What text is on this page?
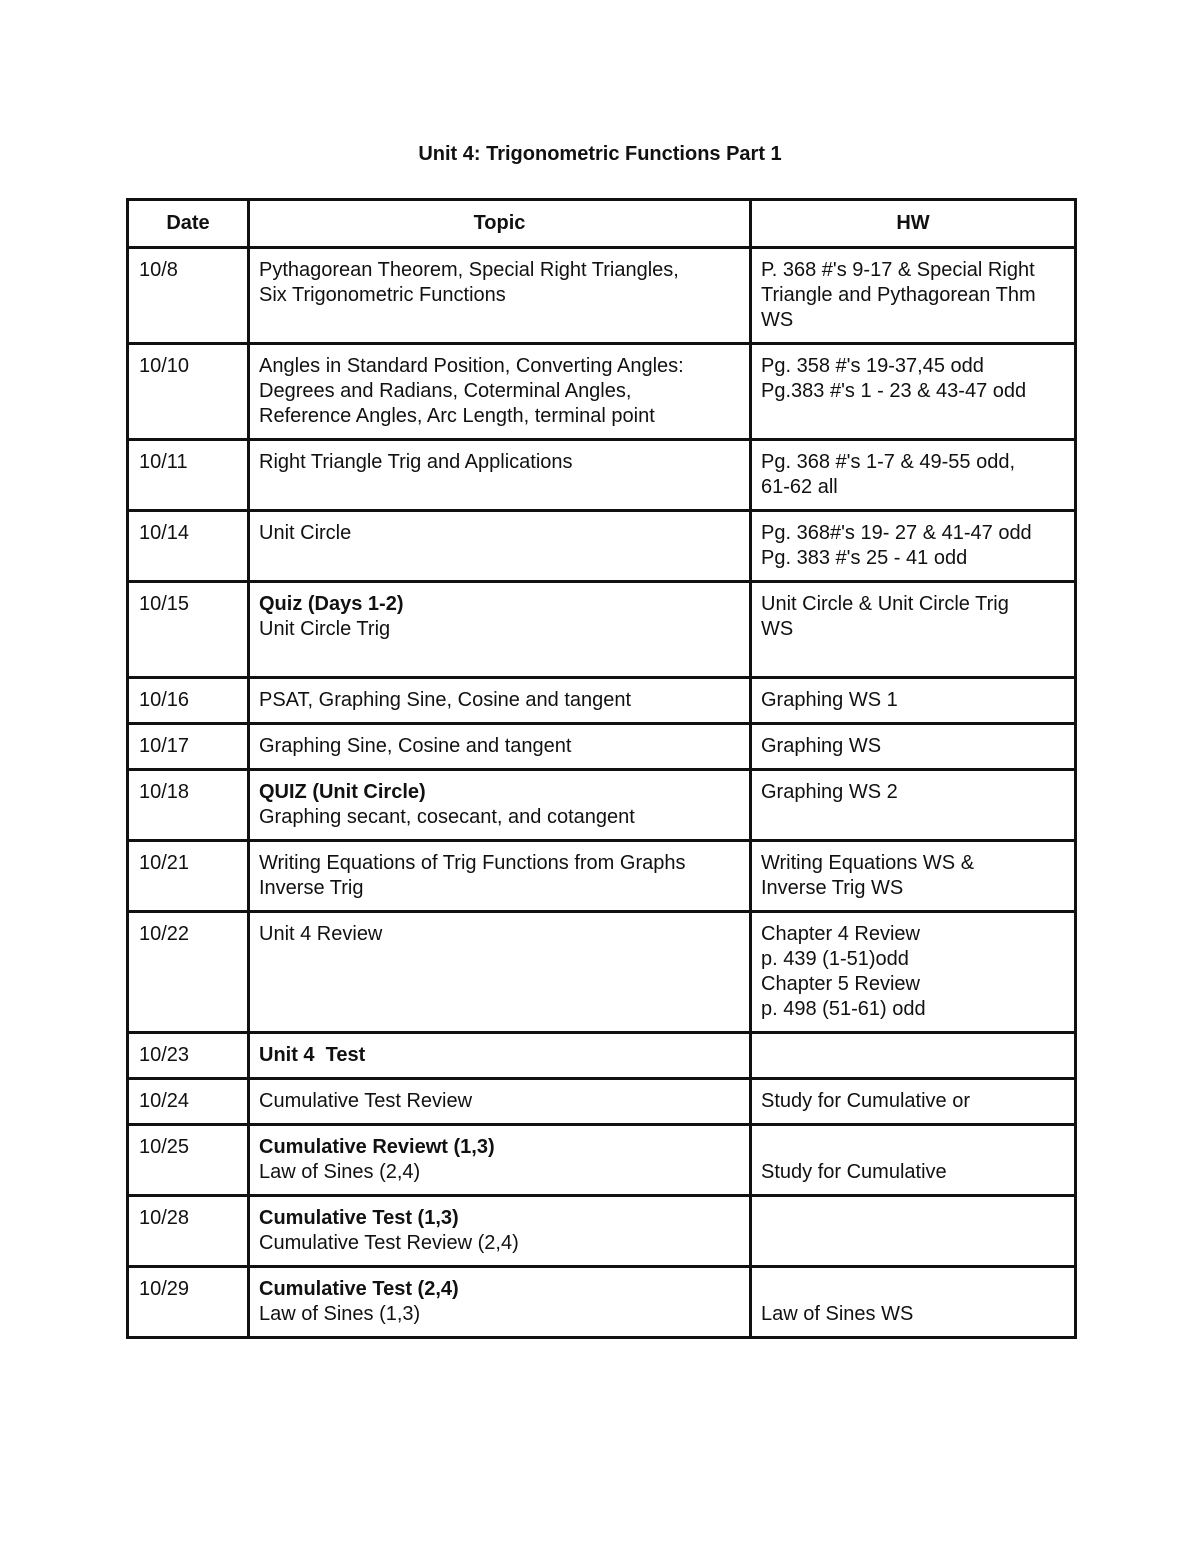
Unit 4: Trigonometric Functions Part 1
Date	Topic	HW
10/8	Pythagorean Theorem, Special Right Triangles,
Six Trigonometric Functions	P. 368 #'s 9-17 & Special Right
Triangle and Pythagorean Thm
WS

10/10	Angles in Standard Position, Converting Angles:
Degrees and Radians, Coterminal Angles,
Reference Angles, Arc Length, terminal point	Pg. 358 #'s 19-37,45 odd
Pg.383 #'s 1 - 23 & 43-47 odd

10/11	Right Triangle Trig and Applications	Pg. 368 #'s 1-7 & 49-55 odd,
61-62 all

10/14	Unit Circle	Pg. 368#'s 19- 27 & 41-47 odd
Pg. 383 #'s 25 - 41 odd

10/15	Quiz (Days 1-2)
Unit Circle Trig	Unit Circle & Unit Circle Trig
WS

10/16	PSAT, Graphing Sine, Cosine and tangent	Graphing WS 1

10/17	Graphing Sine, Cosine and tangent	Graphing WS

10/18	QUIZ (Unit Circle)
Graphing secant, cosecant, and cotangent	Graphing WS 2

10/21	Writing Equations of Trig Functions from Graphs
Inverse Trig	Writing Equations WS &
Inverse Trig WS

10/22	Unit 4 Review	Chapter 4 Review
p. 439 (1-51)odd
Chapter 5 Review
p. 498 (51-61) odd

10/23	Unit 4  Test	

10/24	Cumulative Test Review	Study for Cumulative or

10/25	Cumulative Reviewt (1,3)
Law of Sines (2,4)	Study for Cumulative

10/28	Cumulative Test (1,3)
Cumulative Test Review (2,4)	

10/29	Cumulative Test (2,4)
Law of Sines (1,3)	Law of Sines WS
